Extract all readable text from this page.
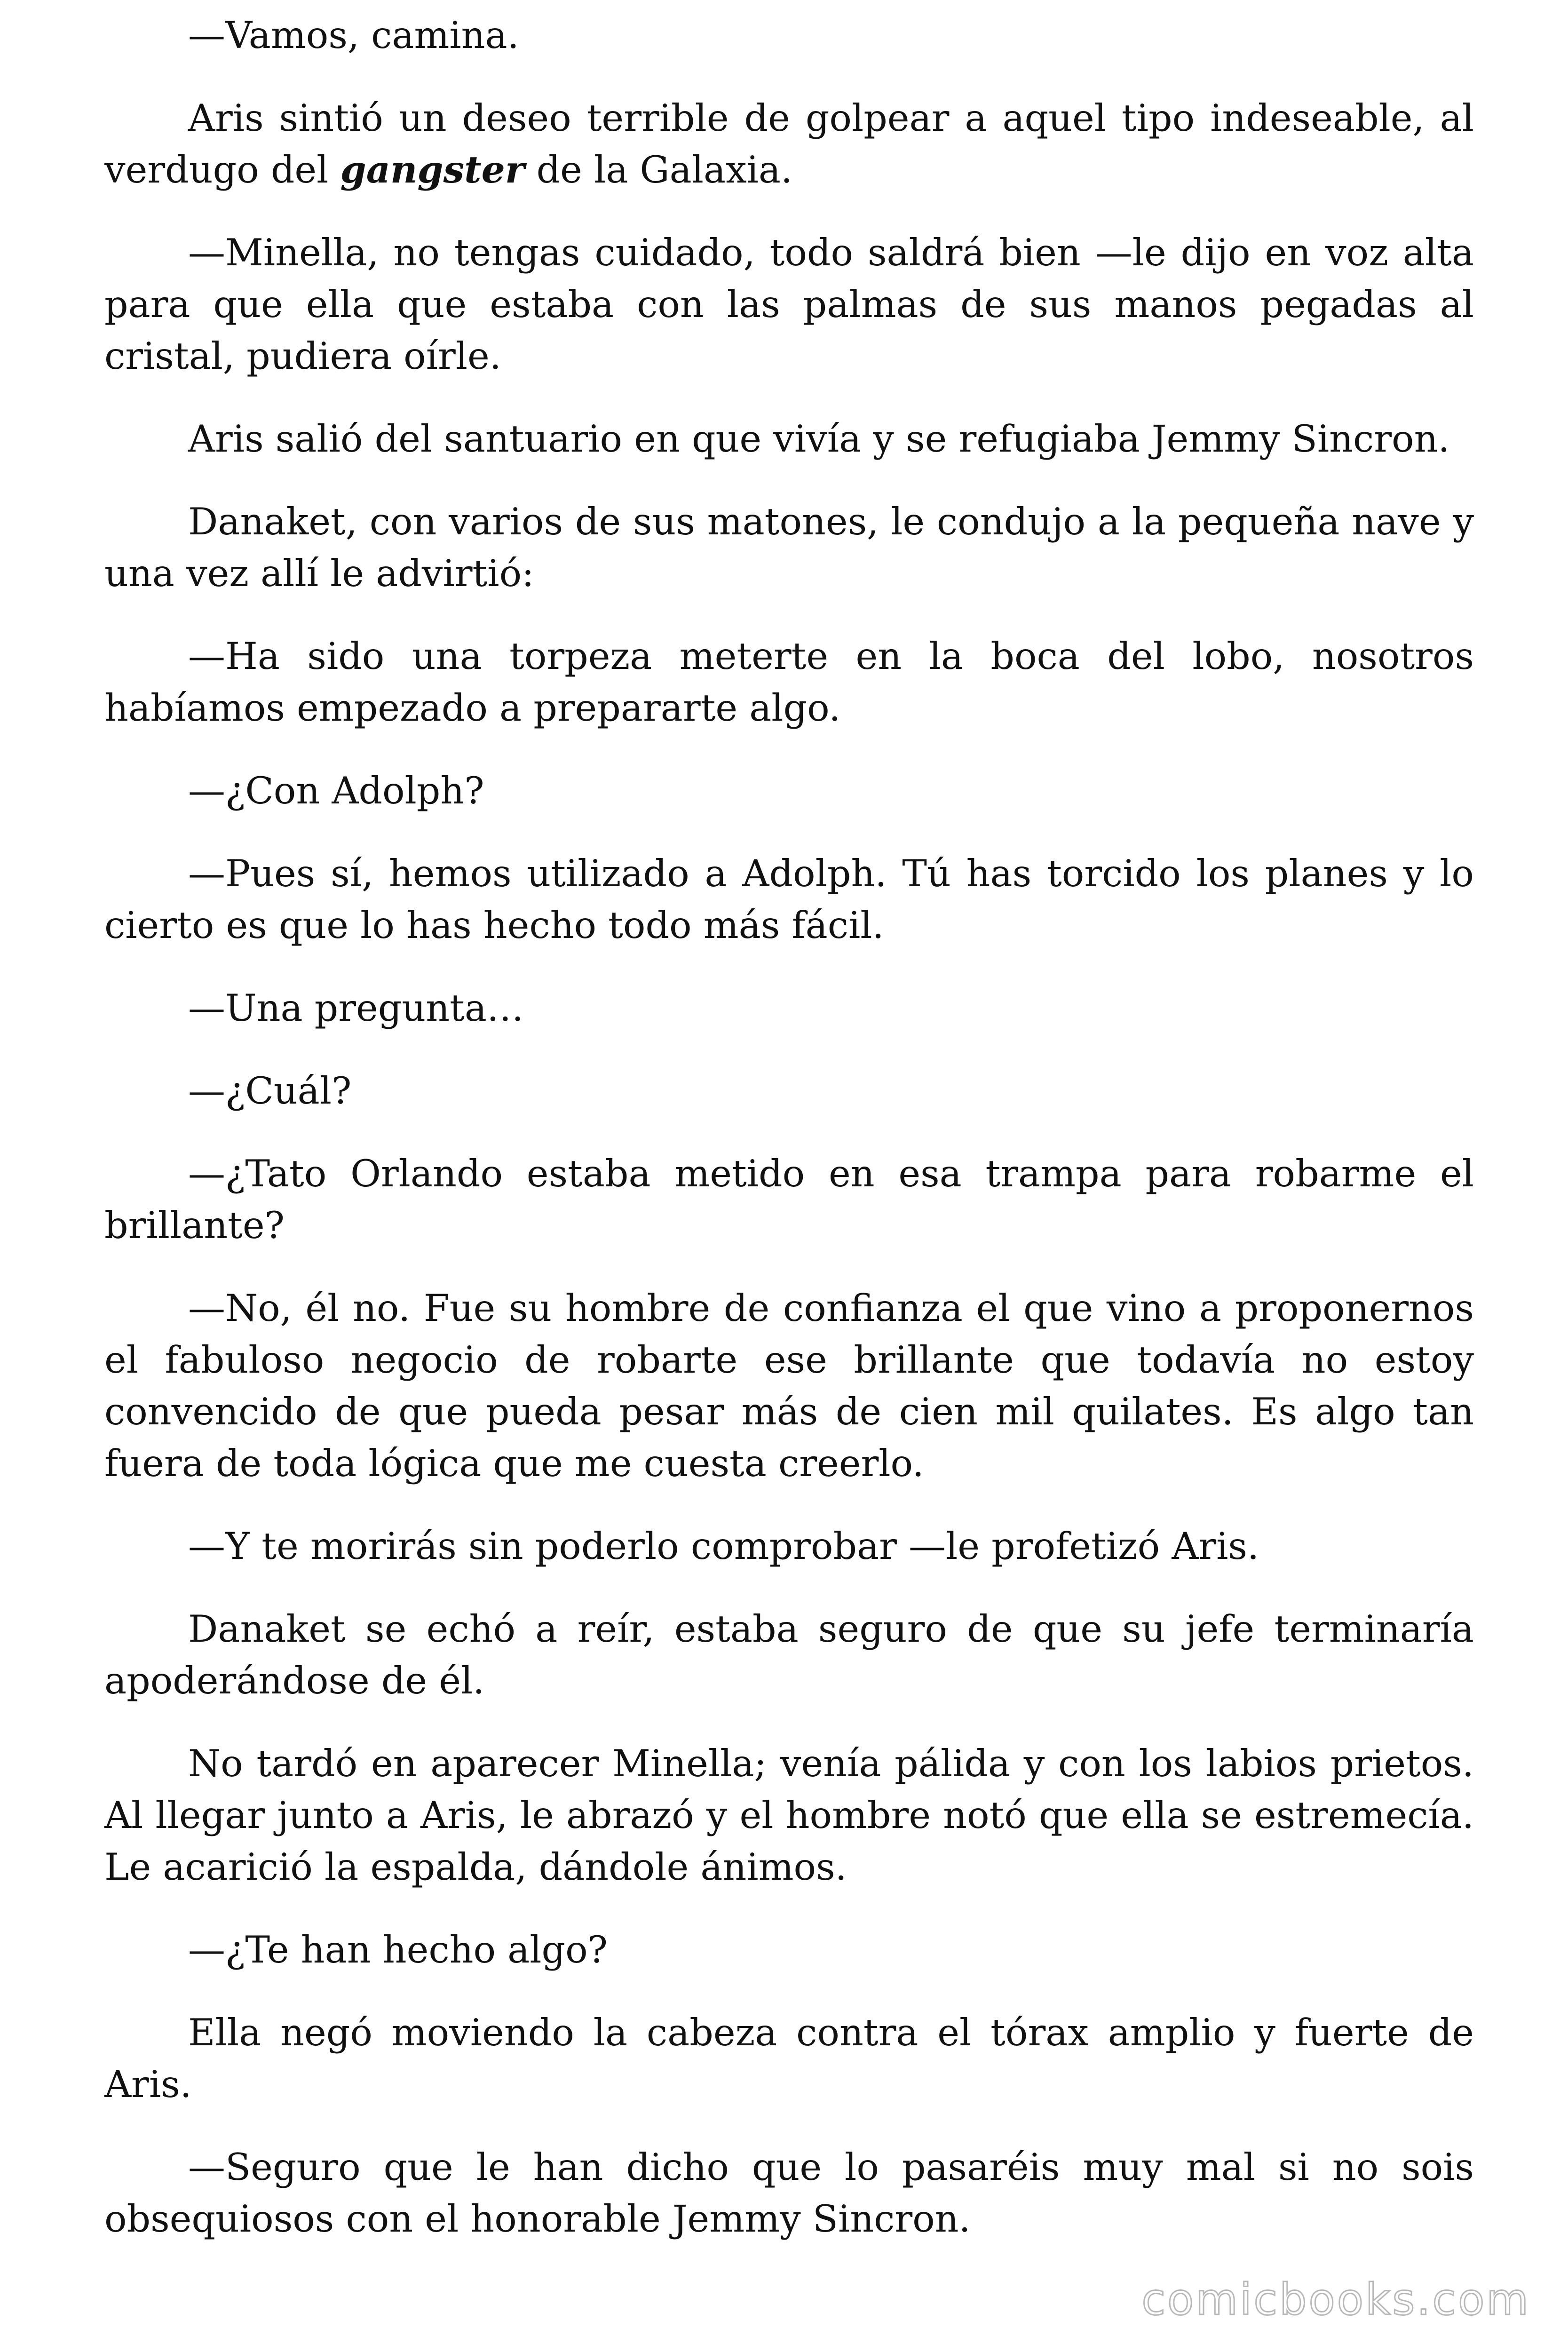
—Vamos, camina.

Aris sintió un deseo terrible de golpear a aquel tipo indeseable, al verdugo del gangster de la Galaxia.

—Minella, no tengas cuidado, todo saldrá bien —le dijo en voz alta para que ella que estaba con las palmas de sus manos pegadas al cristal, pudiera oírle.

Aris salió del santuario en que vivía y se refugiaba Jemmy Sincron.

Danaket, con varios de sus matones, le condujo a la pequeña nave y una vez allí le advirtió:

—Ha sido una torpeza meterte en la boca del lobo, nosotros habíamos empezado a prepararte algo.

—¿Con Adolph?

—Pues sí, hemos utilizado a Adolph. Tú has torcido los planes y lo cierto es que lo has hecho todo más fácil.

—Una pregunta…

—¿Cuál?

—¿Tato Orlando estaba metido en esa trampa para robarme el brillante?

—No, él no. Fue su hombre de confianza el que vino a proponernos el fabuloso negocio de robarte ese brillante que todavía no estoy convencido de que pueda pesar más de cien mil quilates. Es algo tan fuera de toda lógica que me cuesta creerlo.

—Y te morirás sin poderlo comprobar —le profetizó Aris.

Danaket se echó a reír, estaba seguro de que su jefe terminaría apoderándose de él.

No tardó en aparecer Minella; venía pálida y con los labios prietos. Al llegar junto a Aris, le abrazó y el hombre notó que ella se estremecía. Le acarició la espalda, dándole ánimos.

—¿Te han hecho algo?

Ella negó moviendo la cabeza contra el tórax amplio y fuerte de Aris.

—Seguro que le han dicho que lo pasaréis muy mal si no sois obsequiosos con el honorable Jemmy Sincron.

comicbooks.com
